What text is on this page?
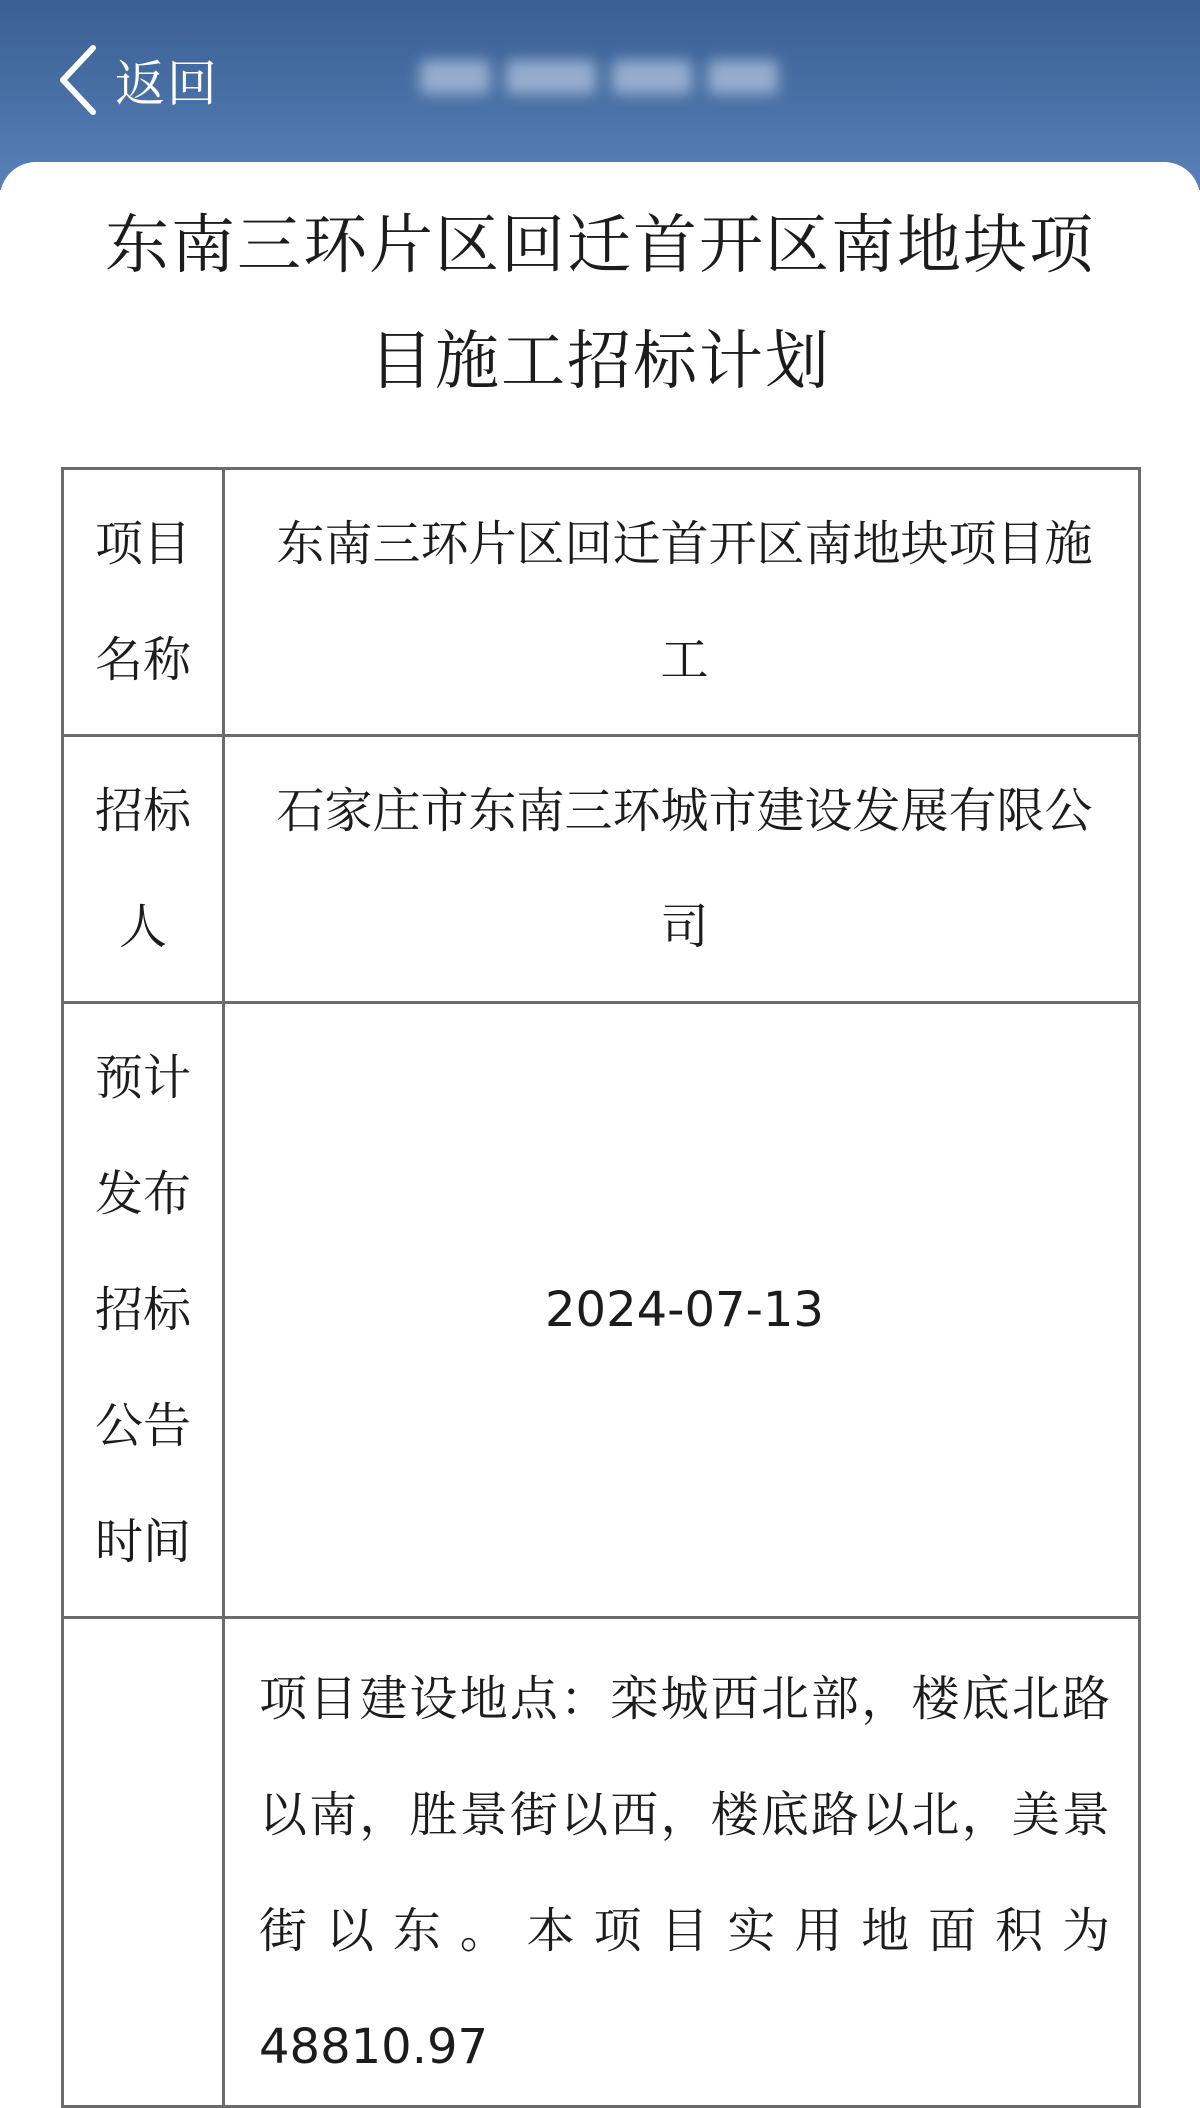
返回
东南三环片区回迁首开区南地块项
目施工招标计划
项目
名称	东南三环片区回迁首开区南地块项目施工
招标
人	石家庄市东南三环城市建设发展有限公司
预计
发布
招标
公告
时间	2024-07-13
	项目建设地点：栾城西北部，楼底北路以南，胜景街以西，楼底路以北，美景街以东。本项目实用地面积为48810.97
